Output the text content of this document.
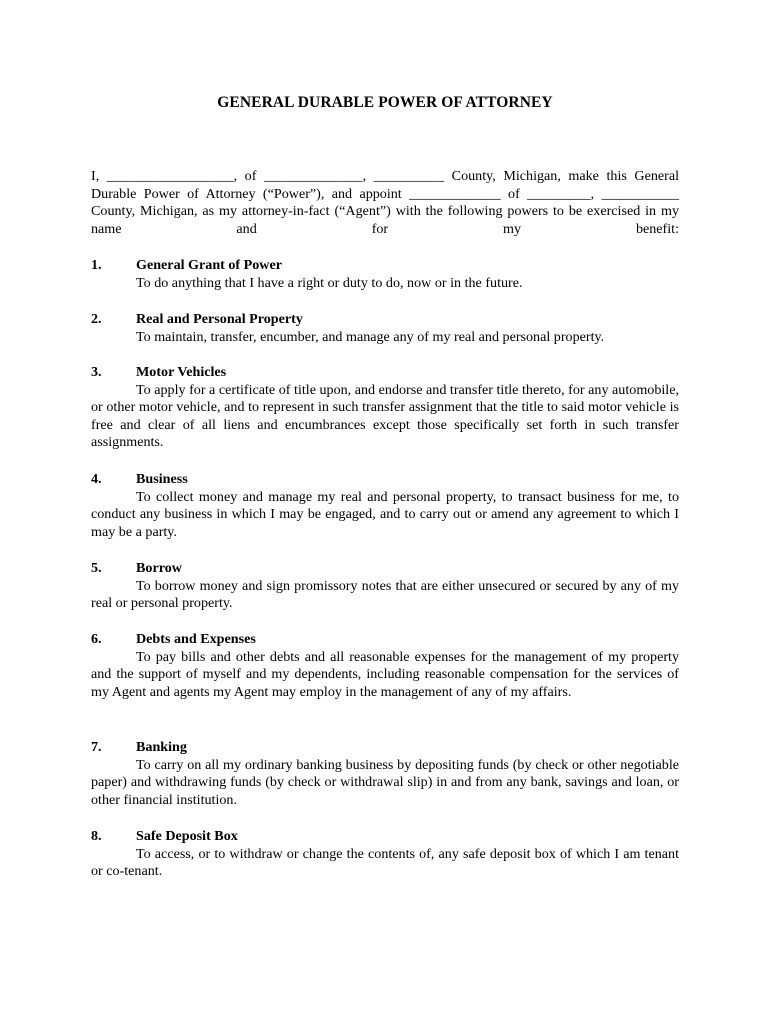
GENERAL DURABLE POWER OF ATTORNEY
I, __________________, of ______________, __________ County, Michigan, make this General Durable Power of Attorney (“Power”), and appoint _____________ of _________, ___________ County, Michigan, as my attorney-in-fact (“Agent”) with the following powers to be exercised in my name and for my benefit:
1. General Grant of Power
To do anything that I have a right or duty to do, now or in the future.
2. Real and Personal Property
To maintain, transfer, encumber, and manage any of my real and personal property.
3. Motor Vehicles
To apply for a certificate of title upon, and endorse and transfer title thereto, for any automobile, or other motor vehicle, and to represent in such transfer assignment that the title to said motor vehicle is free and clear of all liens and encumbrances except those specifically set forth in such transfer assignments.
4. Business
To collect money and manage my real and personal property, to transact business for me, to conduct any business in which I may be engaged, and to carry out or amend any agreement to which I may be a party.
5. Borrow
To borrow money and sign promissory notes that are either unsecured or secured by any of my real or personal property.
6. Debts and Expenses
To pay bills and other debts and all reasonable expenses for the management of my property and the support of myself and my dependents, including reasonable compensation for the services of my Agent and agents my Agent may employ in the management of any of my affairs.
7. Banking
To carry on all my ordinary banking business by depositing funds (by check or other negotiable paper) and withdrawing funds (by check or withdrawal slip) in and from any bank, savings and loan, or other financial institution.
8. Safe Deposit Box
To access, or to withdraw or change the contents of, any safe deposit box of which I am tenant or co-tenant.
